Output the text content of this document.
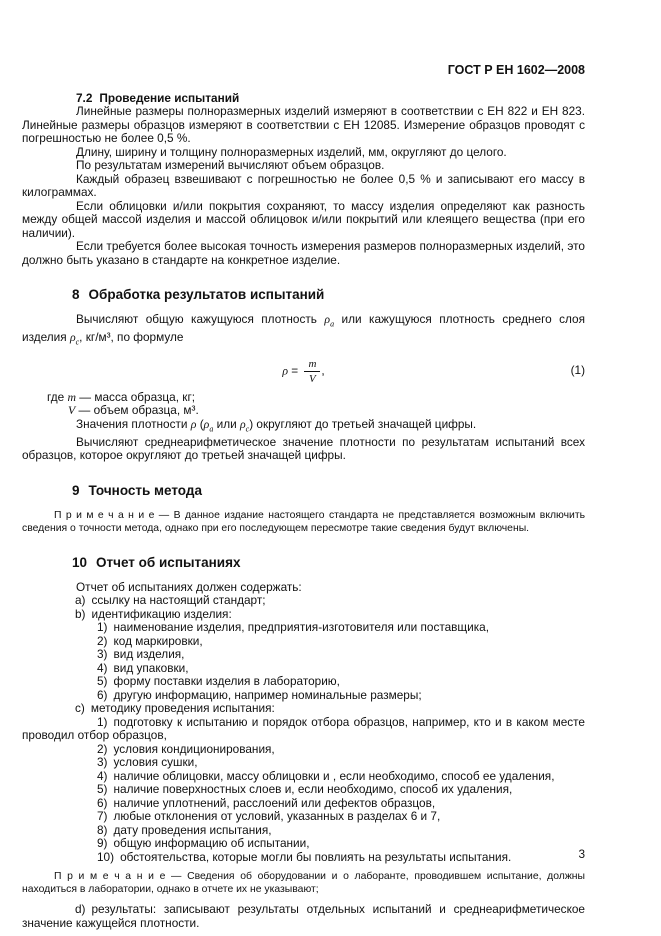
ГОСТ Р ЕН 1602—2008
7.2 Проведение испытаний

Линейные размеры полноразмерных изделий измеряют в соответствии с ЕН 822 и ЕН 823. Линейные размеры образцов измеряют в соответствии с ЕН 12085. Измерение образцов проводят с погрешностью не более 0,5 %.

Длину, ширину и толщину полноразмерных изделий, мм, округляют до целого.

По результатам измерений вычисляют объем образцов.

Каждый образец взвешивают с погрешностью не более 0,5 % и записывают его массу в килограммах.

Если облицовки и/или покрытия сохраняют, то массу изделия определяют как разность между общей массой изделия и массой облицовок и/или покрытий или клеящего вещества (при его наличии).

Если требуется более высокая точность измерения размеров полноразмерных изделий, это должно быть указано в стандарте на конкретное изделие.

8 Обработка результатов испытаний

Вычисляют общую кажущуюся плотность $\rho_a$ или кажущуюся плотность среднего слоя изделия $\rho_c$, кг/м³, по формуле

$\rho = \frac{m}{V}$ ,	(1)
где m — масса образца, кг;
V — объем образца, м³.

Значения плотности ρ ($\rho_a$ или $\rho_c$) округляют до третьей значащей цифры.

Вычисляют среднеарифметическое значение плотности по результатам испытаний всех образцов, которое округляют до третьей значащей цифры.

9 Точность метода

П р и м е ч а н и е — В данное издание настоящего стандарта не представляется возможным включить сведения о точности метода, однако при его последующем пересмотре такие сведения будут включены.

10 Отчет об испытаниях

Отчет об испытаниях должен содержать:

a) ссылку на настоящий стандарт;
b) идентификацию изделия:
1) наименование изделия, предприятия-изготовителя или поставщика,
2) код маркировки,
3) вид изделия,
4) вид упаковки,
5) форму поставки изделия в лабораторию,
6) другую информацию, например номинальные размеры;
c) методику проведения испытания:
1) подготовку к испытанию и порядок отбора образцов, например, кто и в каком месте проводил отбор образцов,
2) условия кондиционирования,
3) условия сушки,
4) наличие облицовки, массу облицовки и , если необходимо, способ ее удаления,
5) наличие поверхностных слоев и, если необходимо, способ их удаления,
6) наличие уплотнений, расслоений или дефектов образцов,
7) любые отклонения от условий, указанных в разделах 6 и 7,
8) дату проведения испытания,
9) общую информацию об испытании,
10) обстоятельства, которые могли бы повлиять на результаты испытания.

П р и м е ч а н и е — Сведения об оборудовании и о лаборанте, проводившем испытание, должны находиться в лаборатории, однако в отчете их не указывают;

d) результаты: записывают результаты отдельных испытаний и среднеарифметическое значение кажущейся плотности.
3
